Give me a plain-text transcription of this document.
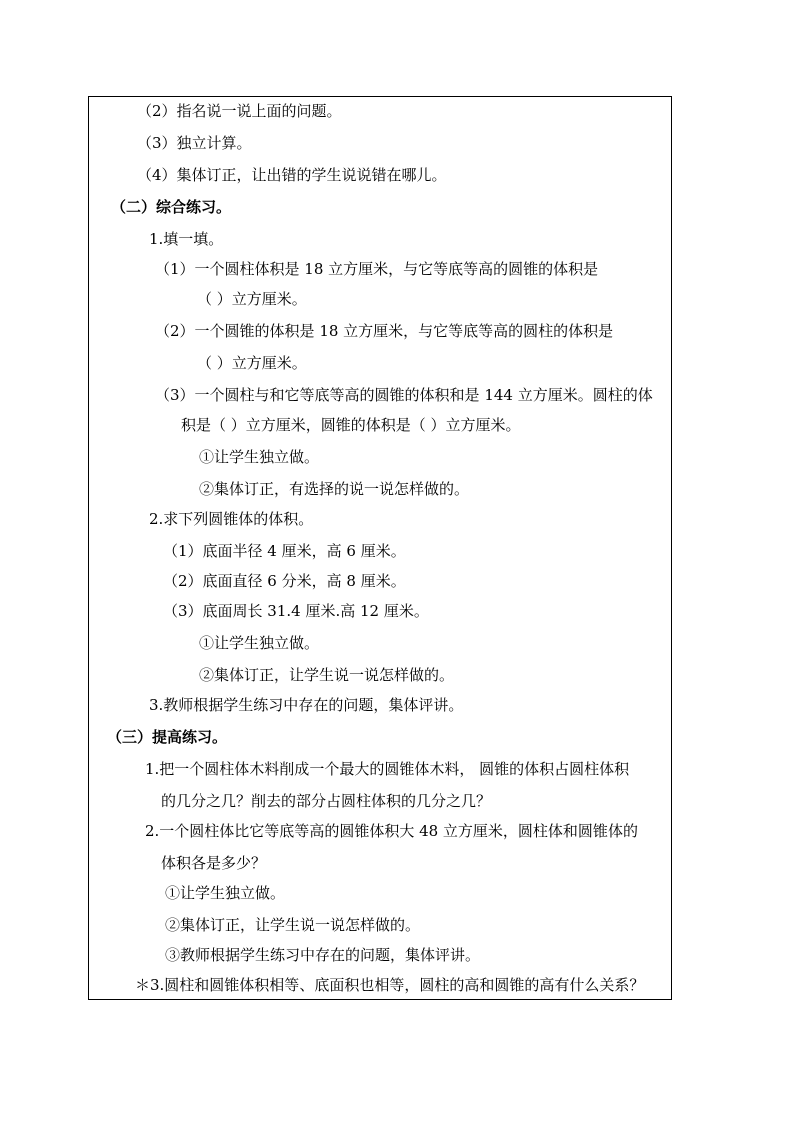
（2）指名说一说上面的问题。
（3）独立计算。
（4）集体订正，让出错的学生说说错在哪儿。
（二）综合练习。
1.填一填。
（1）一个圆柱体积是 18 立方厘米，与它等底等高的圆锥的体积是
（ ）立方厘米。
（2）一个圆锥的体积是 18 立方厘米，与它等底等高的圆柱的体积是
（ ）立方厘米。
（3）一个圆柱与和它等底等高的圆锥的体积和是 144 立方厘米。圆柱的体
积是（ ）立方厘米，圆锥的体积是（ ）立方厘米。
①让学生独立做。
②集体订正，有选择的说一说怎样做的。
2.求下列圆锥体的体积。
（1）底面半径 4 厘米，高 6 厘米。
（2）底面直径 6 分米，高 8 厘米。
（3）底面周长 31.4 厘米.高 12 厘米。
①让学生独立做。
②集体订正，让学生说一说怎样做的。
3.教师根据学生练习中存在的问题，集体评讲。
（三）提高练习。
1.把一个圆柱体木料削成一个最大的圆锥体木料， 圆锥的体积占圆柱体积
的几分之几？削去的部分占圆柱体积的几分之几？
2.一个圆柱体比它等底等高的圆锥体积大 48 立方厘米，圆柱体和圆锥体的
体积各是多少？
①让学生独立做。
②集体订正，让学生说一说怎样做的。
③教师根据学生练习中存在的问题，集体评讲。
＊3.圆柱和圆锥体积相等、底面积也相等，圆柱的高和圆锥的高有什么关系？
